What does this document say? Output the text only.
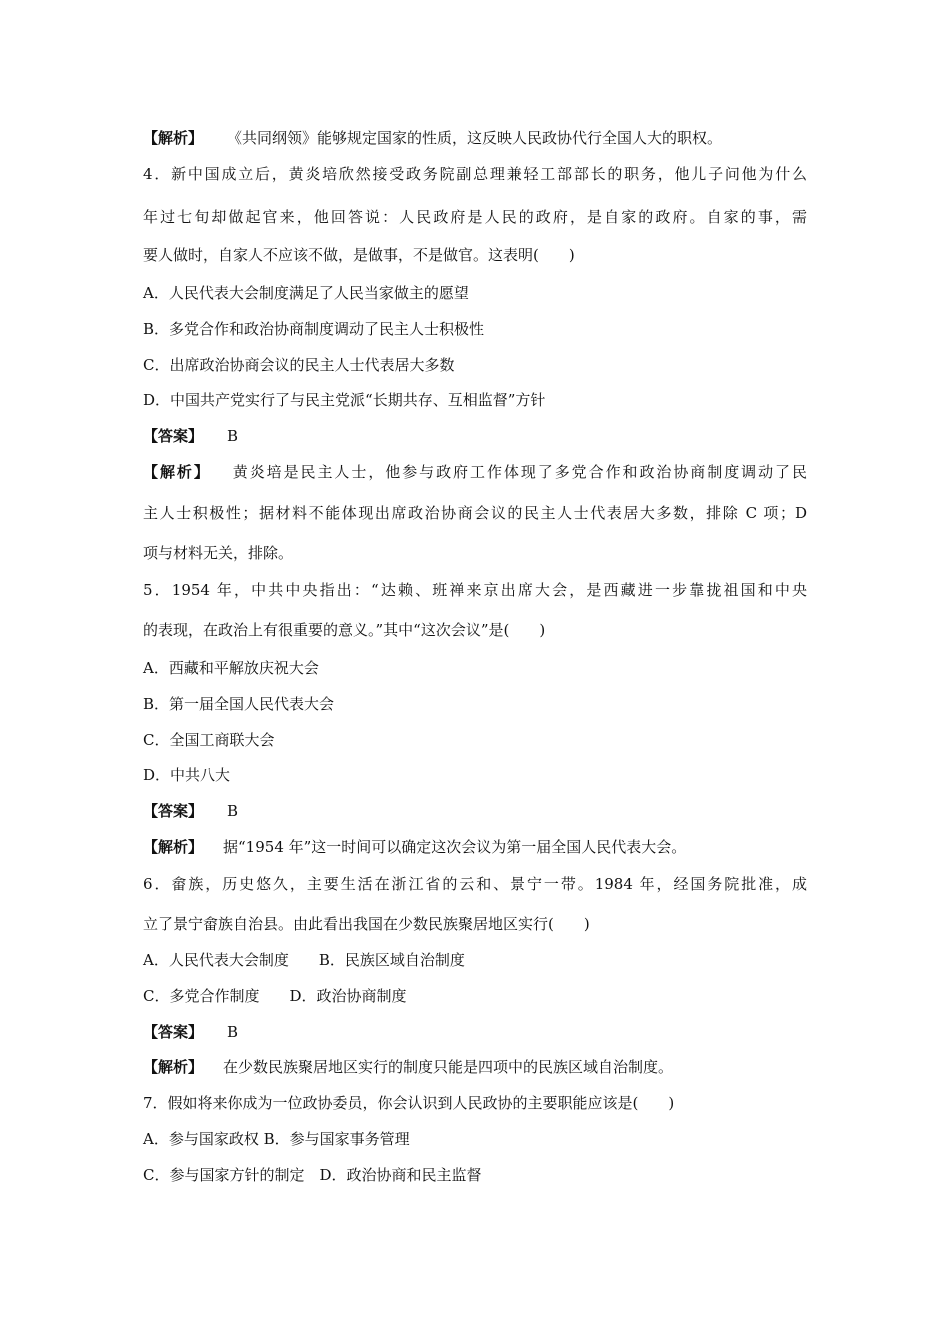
【解析】 《共同纲领》能够规定国家的性质，这反映人民政协代行全国人大的职权。
4．新中国成立后，黄炎培欣然接受政务院副总理兼轻工部部长的职务，他儿子问他为什么
年过七旬却做起官来，他回答说：人民政府是人民的政府，是自家的政府。自家的事，需
要人做时，自家人不应该不做，是做事，不是做官。这表明(　　)
A．人民代表大会制度满足了人民当家做主的愿望
B．多党合作和政治协商制度调动了民主人士积极性
C．出席政治协商会议的民主人士代表居大多数
D．中国共产党实行了与民主党派“长期共存、互相监督”方针
【答案】 B
【解析】 黄炎培是民主人士，他参与政府工作体现了多党合作和政治协商制度调动了民
主人士积极性；据材料不能体现出席政治协商会议的民主人士代表居大多数，排除 C 项；D
项与材料无关，排除。
5．1954 年，中共中央指出：“达赖、班禅来京出席大会，是西藏进一步靠拢祖国和中央
的表现，在政治上有很重要的意义。”其中“这次会议”是(　　)
A．西藏和平解放庆祝大会
B．第一届全国人民代表大会
C．全国工商联大会
D．中共八大
【答案】 B
【解析】 据“1954 年”这一时间可以确定这次会议为第一届全国人民代表大会。
6．畲族，历史悠久，主要生活在浙江省的云和、景宁一带。1984 年，经国务院批准，成
立了景宁畲族自治县。由此看出我国在少数民族聚居地区实行(　　)
A．人民代表大会制度　　B．民族区域自治制度
C．多党合作制度　　D．政治协商制度
【答案】 B
【解析】 在少数民族聚居地区实行的制度只能是四项中的民族区域自治制度。
7．假如将来你成为一位政协委员，你会认识到人民政协的主要职能应该是(　　)
A．参与国家政权 B．参与国家事务管理
C．参与国家方针的制定　D．政治协商和民主监督
